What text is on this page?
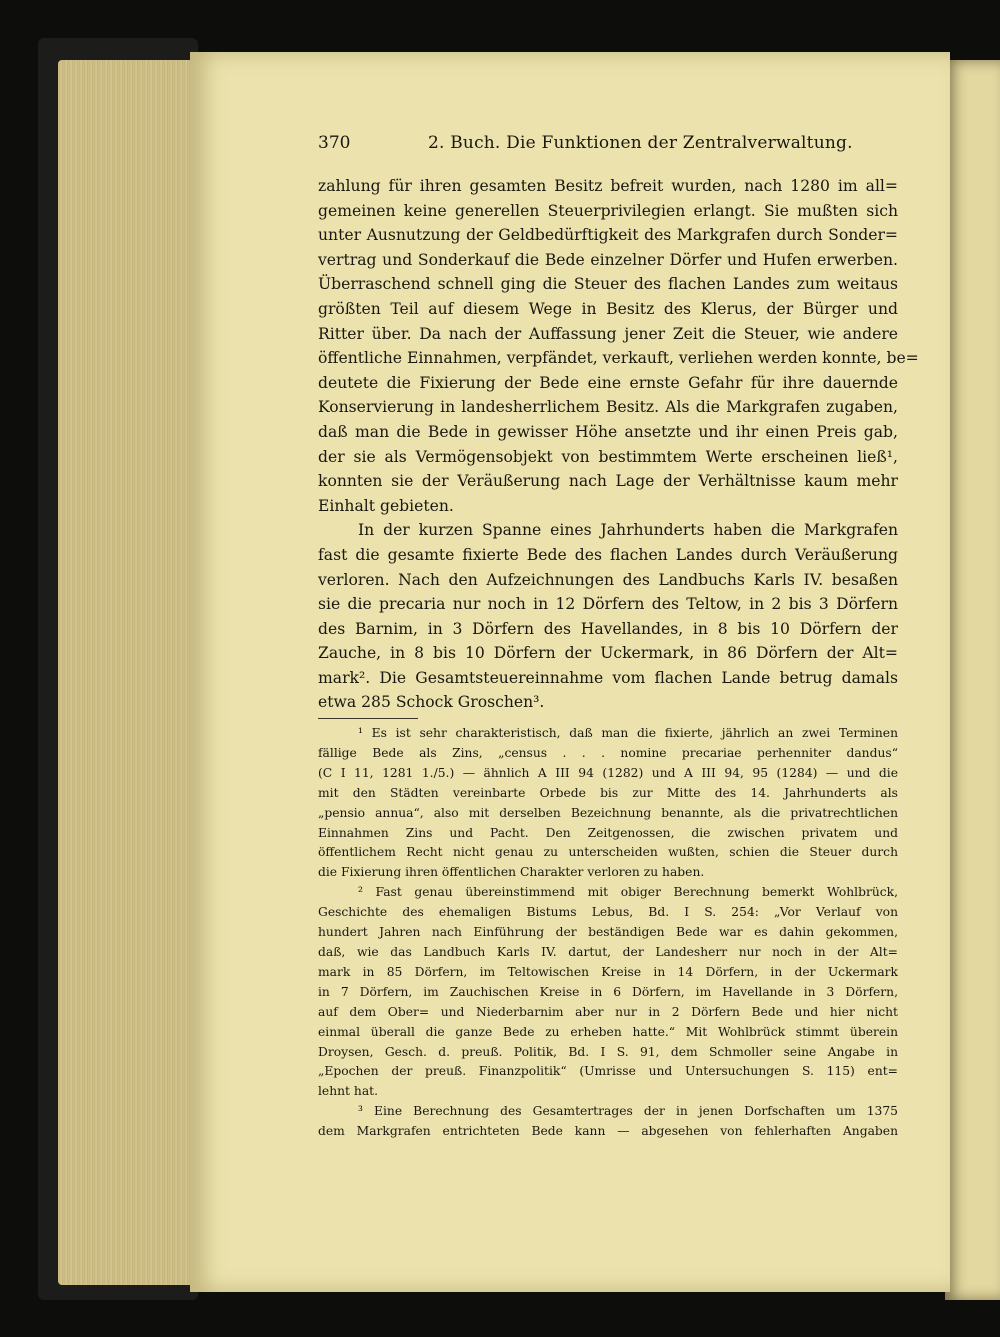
370	2. Buch. Die Funktionen der Zentralverwaltung.
zahlung für ihren gesamten Besitz befreit wurden, nach 1280 im all=
gemeinen keine generellen Steuerprivilegien erlangt. Sie mußten sich
unter Ausnutzung der Geldbedürftigkeit des Markgrafen durch Sonder=
vertrag und Sonderkauf die Bede einzelner Dörfer und Hufen erwerben.
Überraschend schnell ging die Steuer des flachen Landes zum weitaus
größten Teil auf diesem Wege in Besitz des Klerus, der Bürger und
Ritter über. Da nach der Auffassung jener Zeit die Steuer, wie andere
öffentliche Einnahmen, verpfändet, verkauft, verliehen werden konnte, be=
deutete die Fixierung der Bede eine ernste Gefahr für ihre dauernde
Konservierung in landesherrlichem Besitz. Als die Markgrafen zugaben,
daß man die Bede in gewisser Höhe ansetzte und ihr einen Preis gab,
der sie als Vermögensobjekt von bestimmtem Werte erscheinen ließ¹,
konnten sie der Veräußerung nach Lage der Verhältnisse kaum mehr
Einhalt gebieten.
In der kurzen Spanne eines Jahrhunderts haben die Markgrafen
fast die gesamte fixierte Bede des flachen Landes durch Veräußerung
verloren. Nach den Aufzeichnungen des Landbuchs Karls IV. besaßen
sie die precaria nur noch in 12 Dörfern des Teltow, in 2 bis 3 Dörfern
des Barnim, in 3 Dörfern des Havellandes, in 8 bis 10 Dörfern der
Zauche, in 8 bis 10 Dörfern der Uckermark, in 86 Dörfern der Alt=
mark². Die Gesamtsteuereinnahme vom flachen Lande betrug damals
etwa 285 Schock Groschen³.
¹ Es ist sehr charakteristisch, daß man die fixierte, jährlich an zwei Terminen
fällige Bede als Zins, „census . . . nomine precariae perhenniter dandus“
(C I 11, 1281 1./5.) — ähnlich A III 94 (1282) und A III 94, 95 (1284) — und die
mit den Städten vereinbarte Orbede bis zur Mitte des 14. Jahrhunderts als
„pensio annua“, also mit derselben Bezeichnung benannte, als die privatrechtlichen
Einnahmen Zins und Pacht. Den Zeitgenossen, die zwischen privatem und
öffentlichem Recht nicht genau zu unterscheiden wußten, schien die Steuer durch
die Fixierung ihren öffentlichen Charakter verloren zu haben.
² Fast genau übereinstimmend mit obiger Berechnung bemerkt Wohlbrück,
Geschichte des ehemaligen Bistums Lebus, Bd. I S. 254: „Vor Verlauf von
hundert Jahren nach Einführung der beständigen Bede war es dahin gekommen,
daß, wie das Landbuch Karls IV. dartut, der Landesherr nur noch in der Alt=
mark in 85 Dörfern, im Teltowischen Kreise in 14 Dörfern, in der Uckermark
in 7 Dörfern, im Zauchischen Kreise in 6 Dörfern, im Havellande in 3 Dörfern,
auf dem Ober= und Niederbarnim aber nur in 2 Dörfern Bede und hier nicht
einmal überall die ganze Bede zu erheben hatte.“ Mit Wohlbrück stimmt überein
Droysen, Gesch. d. preuß. Politik, Bd. I S. 91, dem Schmoller seine Angabe in
„Epochen der preuß. Finanzpolitik“ (Umrisse und Untersuchungen S. 115) ent=
lehnt hat.
³ Eine Berechnung des Gesamtertrages der in jenen Dorfschaften um 1375
dem Markgrafen entrichteten Bede kann — abgesehen von fehlerhaften Angaben
